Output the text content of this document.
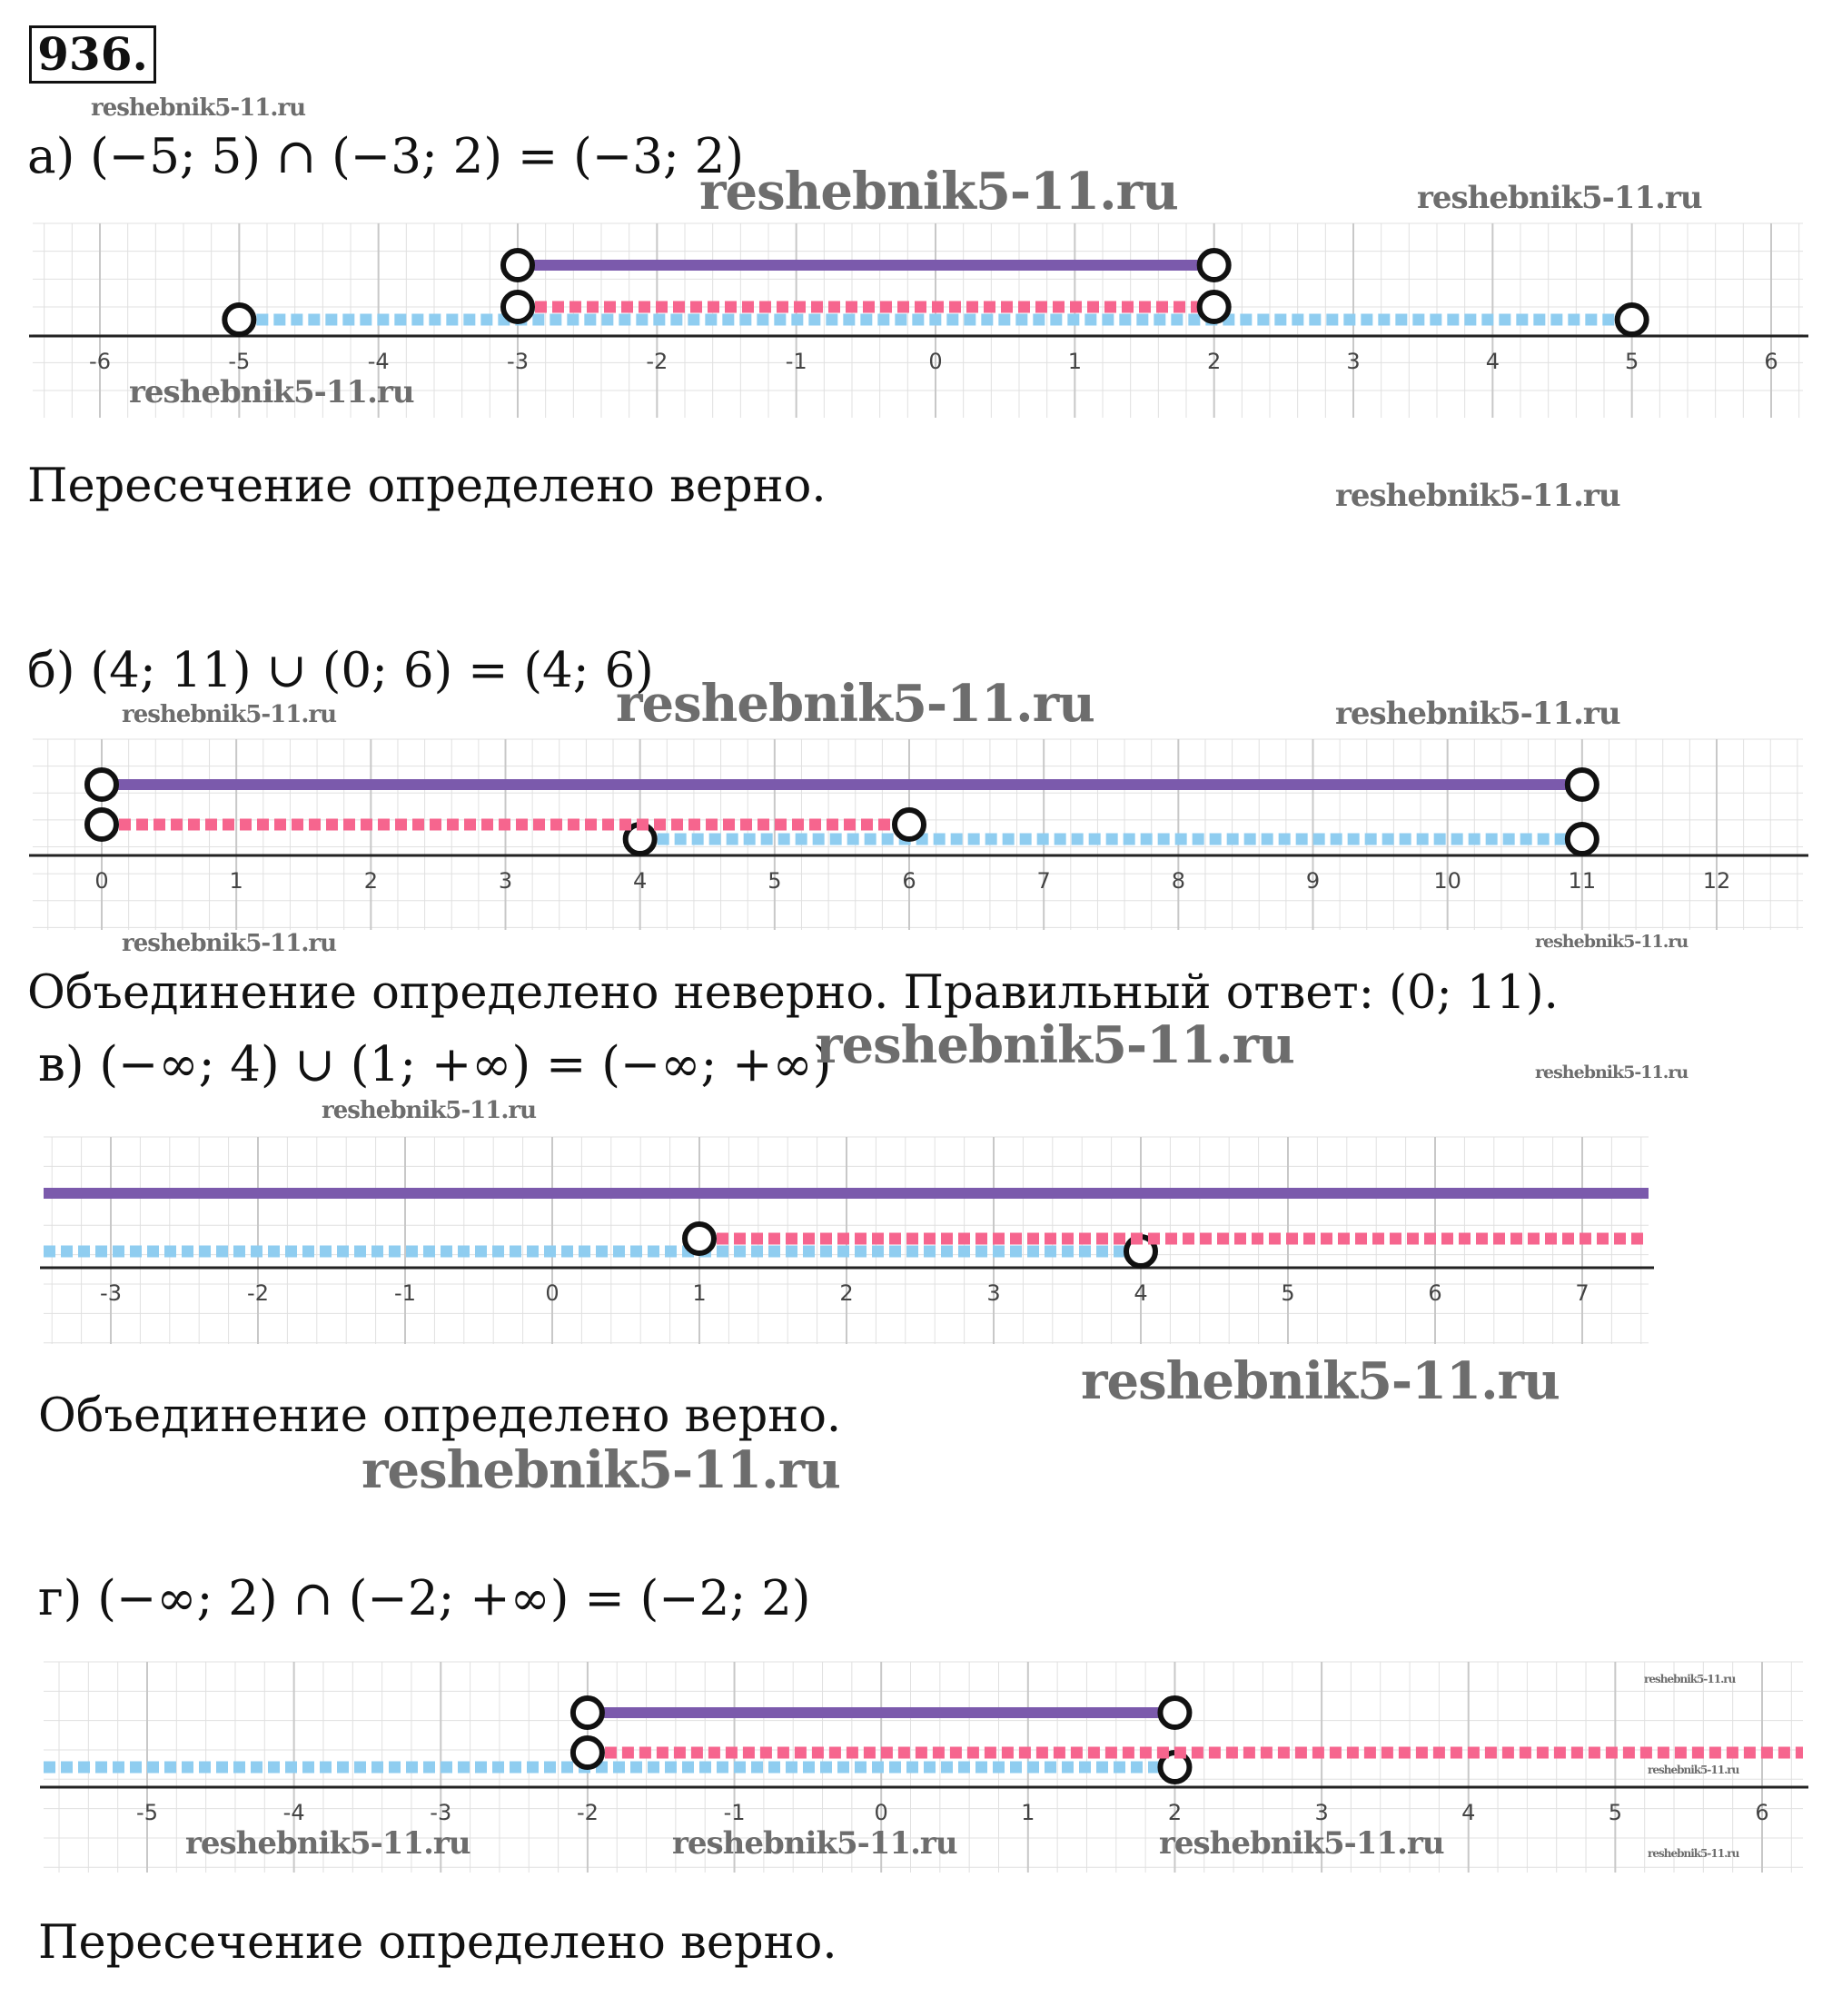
936.
а) (−5; 5) ∩ (−3; 2) = (−3; 2)
-6	-5	-4	-3	-2	-1	0	1	2	3	4	5	6
Пересечение определено верно.
б) (4; 11) ∪ (0; 6) = (4; 6)
0	1	2	3	4	5	6	7	8	9	10	11	12
Объединение определено неверно. Правильный ответ: (0; 11).
в) (−∞; 4) ∪ (1; +∞) = (−∞; +∞)
-3	-2	-1	0	1	2	3	4	5	6	7
Объединение определено верно.
г) (−∞; 2) ∩ (−2; +∞) = (−2; 2)
-5	-4	-3	-2	-1	0	1	2	3	4	5	6
Пересечение определено верно.
reshebnik5-11.ru
reshebnik5-11.ru	reshebnik5-11.ru
reshebnik5-11.ru
reshebnik5-11.ru
reshebnik5-11.ru	reshebnik5-11.ru	reshebnik5-11.ru
reshebnik5-11.ru	reshebnik5-11.ru
reshebnik5-11.ru	reshebnik5-11.ru
reshebnik5-11.ru
reshebnik5-11.ru
reshebnik5-11.ru
reshebnik5-11.ru
reshebnik5-11.ru
reshebnik5-11.ru	reshebnik5-11.ru	reshebnik5-11.ru	reshebnik5-11.ru
